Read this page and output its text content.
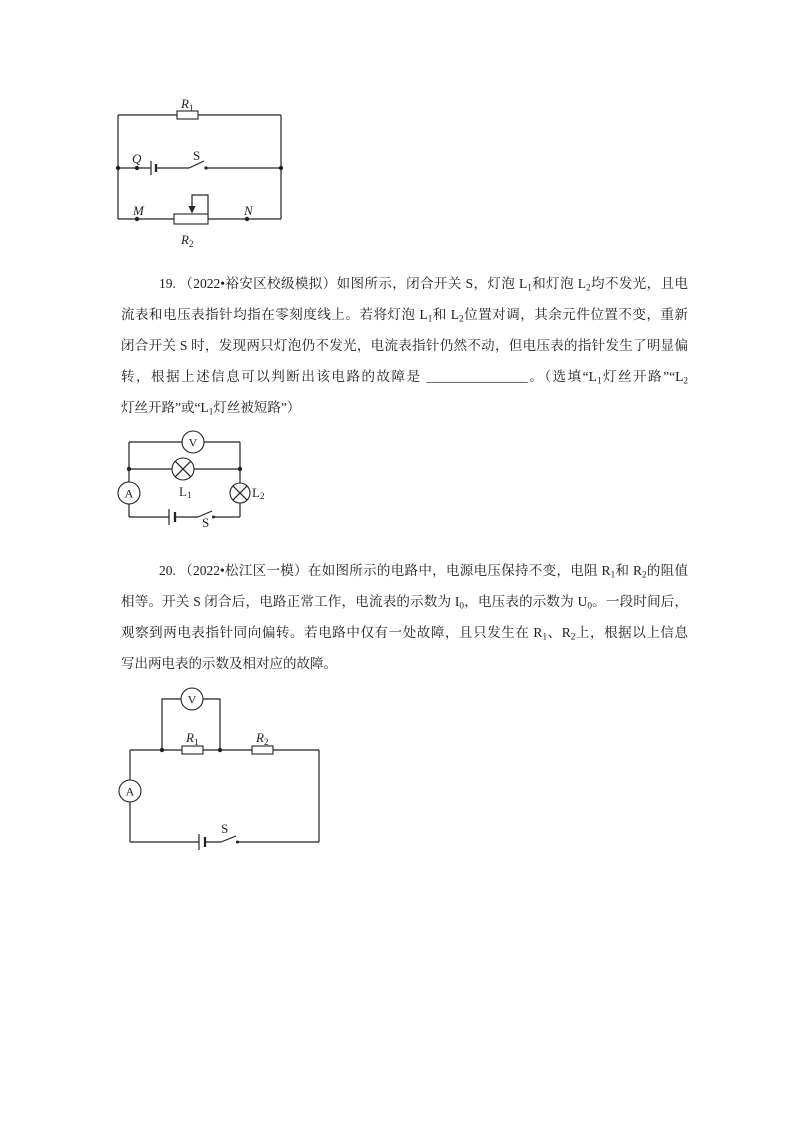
$R_1$
Q	S
M	N
$R_2$
19. （2022•裕安区校级模拟）如图所示，闭合开关 S，灯泡 $L_1$和灯泡 $L_2$均不发光，且电
流表和电压表指针均指在零刻度线上。若将灯泡 $L_1$和 $L_2$位置对调，其余元件位置不变，重新
闭合开关 S 时，发现两只灯泡仍不发光，电流表指针仍然不动，但电压表的指针发生了明显偏
转，根据上述信息可以判断出该电路的故障是 _______________。（选填“$L_1$灯丝开路$”“L_2$
灯丝开路”或“$L_1$灯丝被短路”）
V
A	L1	L2
S
20. （2022•松江区一模）在如图所示的电路中，电源电压保持不变，电阻 $R_1$和 $R_2$的阻值
相等。开关 S 闭合后，电路正常工作，电流表的示数为 $I_0$，电压表的示数为 $U_0$。一段时间后，
观察到两电表指针同向偏转。若电路中仅有一处故障，且只发生在 $R_1$、$R_2$上，根据以上信息
写出两电表的示数及相对应的故障。
V
A
$R_1$	$R_2$
S
